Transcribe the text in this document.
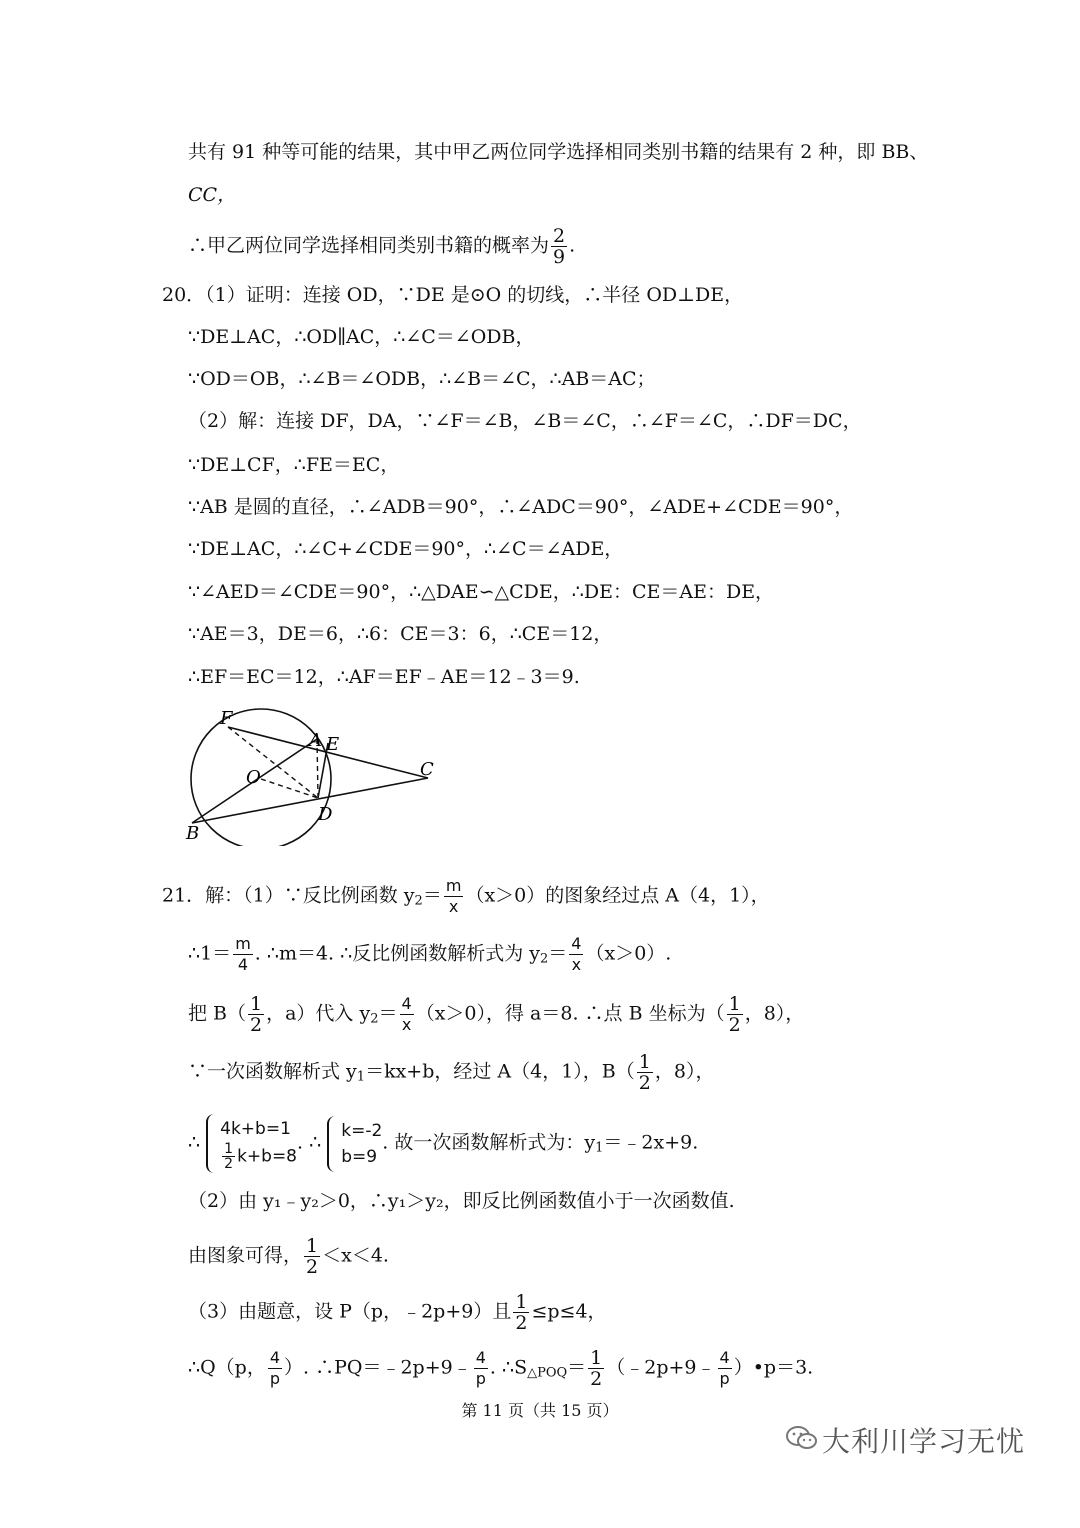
共有 91 种等可能的结果，其中甲乙两位同学选择相同类别书籍的结果有 2 种，即 BB、
CC，
∴甲乙两位同学选择相同类别书籍的概率为 $\frac{2}{9}$ .
20．（1）证明：连接 OD，∵DE 是⊙O 的切线，∴半径 OD⊥DE，
∵DE⊥AC，∴OD∥AC，∴∠C＝∠ODB，
∵OD＝OB，∴∠B＝∠ODB，∴∠B＝∠C，∴AB＝AC；
（2）解：连接 DF，DA，∵∠F＝∠B，∠B＝∠C，∴∠F＝∠C，∴DF＝DC，
∵DE⊥CF，∴FE＝EC，
∵AB 是圆的直径，∴∠ADB＝90°，∴∠ADC＝90°，∠ADE+∠CDE＝90°，
∵DE⊥AC，∴∠C+∠CDE＝90°，∴∠C＝∠ADE，
∵∠AED＝∠CDE＝90°，∴△DAE∽△CDE，∴DE：CE＝AE：DE，
∵AE＝3，DE＝6，∴6：CE＝3：6，∴CE＝12，
∴EF＝EC＝12，∴AF＝EF﹣AE＝12﹣3＝9.
F
A E
O	C
D
B
21．解：（1）∵反比例函数 $y_2= \frac{m}{x} (x>0)$的图象经过点 A（4，1），
∴1＝ $\frac{m}{4}$ . ∴m＝4. ∴反比例函数解析式为 $y_2= \frac{4}{x} (x>0)$.
把 $B( \frac{1}{2}$ ，a）代入 $y_2= \frac{4}{x} (x>0)$，得 a＝8. ∴点 B 坐标为（ $\frac{1}{2}$ ，8），
∵一次函数解析式 $y_1=kx+b$，经过 A（4，1），$B( \frac{1}{2}$ ，8），
∴
4k+b=1
$\frac{1}{2} k+b=8$
. ∴
k=-2
b=9
. 故一次函数解析式为：$y_1=﹣2x+9$.
（2）由 y₁﹣y₂＞0，∴y₁＞y₂，即反比例函数值小于一次函数值.
由图象可得， $\frac{1}{2} <x<4$.
（3）由题意，设 P（p，﹣2p+9）且 $\frac{1}{2} \le p\le 4$，
∴Q（p， $\frac{4}{p}$ ）. ∴PQ＝﹣2p+9﹣ $\frac{4}{p}$ . $\therefore S_{\triangle POQ}= \frac{1}{2}$ （﹣2p+9﹣ $\frac{4}{p}$ ）•p＝3.
第 11 页（共 15 页）
大利川学习无忧
